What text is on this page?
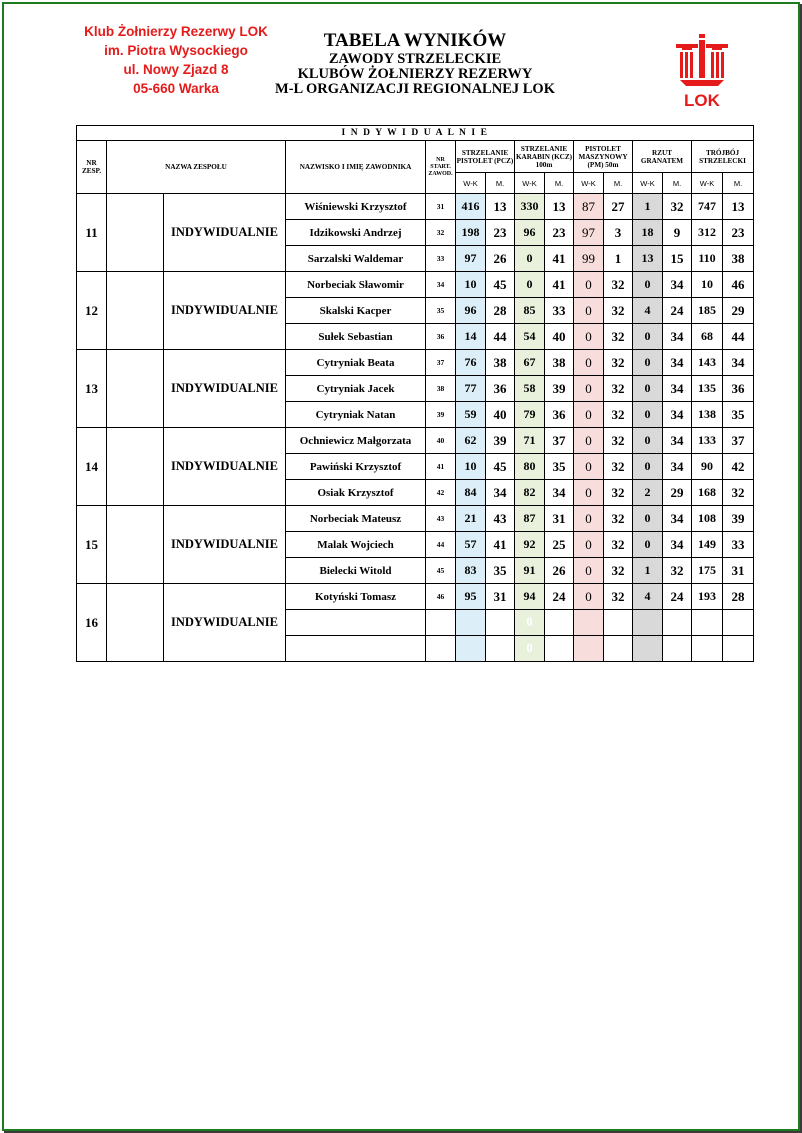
Klub Żołnierzy Rezerwy LOK
im. Piotra Wysockiego
ul. Nowy Zjazd 8
05-660 Warka
TABELA WYNIKÓW
ZAWODY STRZELECKIE
KLUBÓW ŻOŁNIERZY REZERWY
M-L ORGANIZACJI REGIONALNEJ LOK
LOK
I N D Y W I D U A L N I E														
NR ZESP.	NAZWA ZESPOŁU		NAZWISKO I IMIĘ ZAWODNIKA	NR START. ZAWOD.	STRZELANIE PISTOLET (PCZ)		STRZELANIE KARABIN (KCZ) 100m		PISTOLET MASZYNOWY (PM) 50m		RZUT GRANATEM		TRÓJBÓJ STRZELECKI	
					W-K	M.	W-K	M.	W-K	M.	W-K	M.	W-K	M.
11		INDYWIDUALNIE	Wiśniewski Krzysztof	31	416	13	330	13	87	27	1	32	747	13
			Idzikowski Andrzej	32	198	23	96	23	97	3	18	9	312	23
			Sarzalski Waldemar	33	97	26	0	41	99	1	13	15	110	38
12		INDYWIDUALNIE	Norbeciak Sławomir	34	10	45	0	41	0	32	0	34	10	46
			Skalski Kacper	35	96	28	85	33	0	32	4	24	185	29
			Sułek Sebastian	36	14	44	54	40	0	32	0	34	68	44
13		INDYWIDUALNIE	Cytryniak Beata	37	76	38	67	38	0	32	0	34	143	34
			Cytryniak Jacek	38	77	36	58	39	0	32	0	34	135	36
			Cytryniak Natan	39	59	40	79	36	0	32	0	34	138	35
14		INDYWIDUALNIE	Ochniewicz Małgorzata	40	62	39	71	37	0	32	0	34	133	37
			Pawiński Krzysztof	41	10	45	80	35	0	32	0	34	90	42
			Osiak Krzysztof	42	84	34	82	34	0	32	2	29	168	32
15		INDYWIDUALNIE	Norbeciak Mateusz	43	21	43	87	31	0	32	0	34	108	39
			Malak Wojciech	44	57	41	92	25	0	32	0	34	149	33
			Bielecki Witold	45	83	35	91	26	0	32	1	32	175	31
16		INDYWIDUALNIE	Kotyński Tomasz	46	95	31	94	24	0	32	4	24	193	28
							0							
							0							
